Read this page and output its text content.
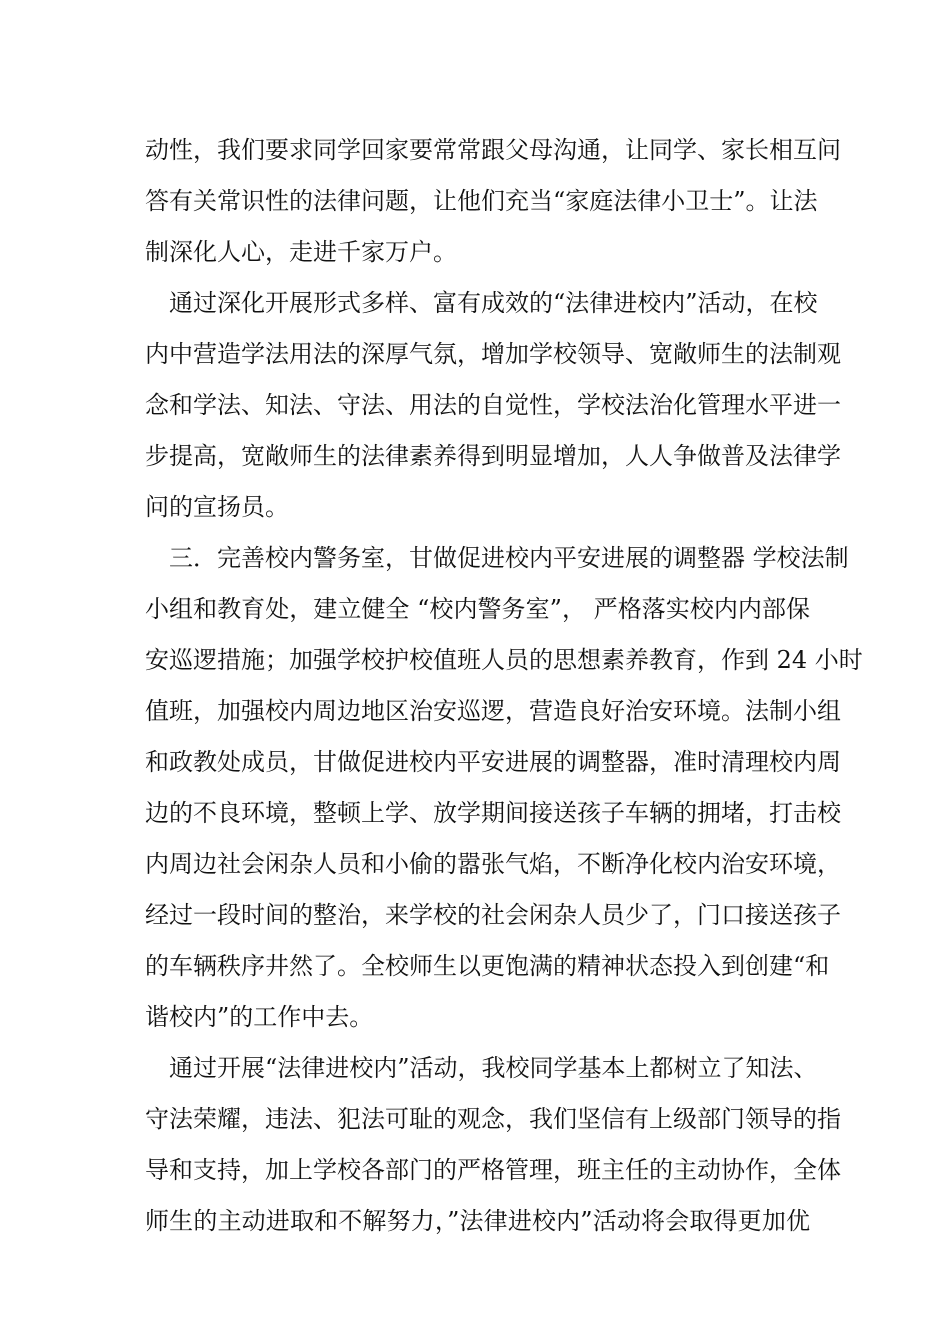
动性，我们要求同学回家要常常跟父母沟通，让同学、家长相互问
答有关常识性的法律问题，让他们充当“家庭法律小卫士”。让法
制深化人心，走进千家万户。
通过深化开展形式多样、富有成效的“法律进校内”活动，在校
内中营造学法用法的深厚气氛，增加学校领导、宽敞师生的法制观
念和学法、知法、守法、用法的自觉性，学校法治化管理水平进一
步提高，宽敞师生的法律素养得到明显增加，人人争做普及法律学
问的宣扬员。
三．完善校内警务室，甘做促进校内平安进展的调整器 学校法制
小组和教育处，建立健全 “校内警务室”， 严格落实校内内部保
安巡逻措施；加强学校护校值班人员的思想素养教育，作到 24 小时
值班，加强校内周边地区治安巡逻，营造良好治安环境。法制小组
和政教处成员，甘做促进校内平安进展的调整器，准时清理校内周
边的不良环境，整顿上学、放学期间接送孩子车辆的拥堵，打击校
内周边社会闲杂人员和小偷的嚣张气焰，不断净化校内治安环境，
经过一段时间的整治，来学校的社会闲杂人员少了，门口接送孩子
的车辆秩序井然了。全校师生以更饱满的精神状态投入到创建“和
谐校内”的工作中去。
通过开展“法律进校内”活动，我校同学基本上都树立了知法、
守法荣耀，违法、犯法可耻的观念，我们坚信有上级部门领导的指
导和支持，加上学校各部门的严格管理，班主任的主动协作，全体
师生的主动进取和不解努力，”法律进校内”活动将会取得更加优
